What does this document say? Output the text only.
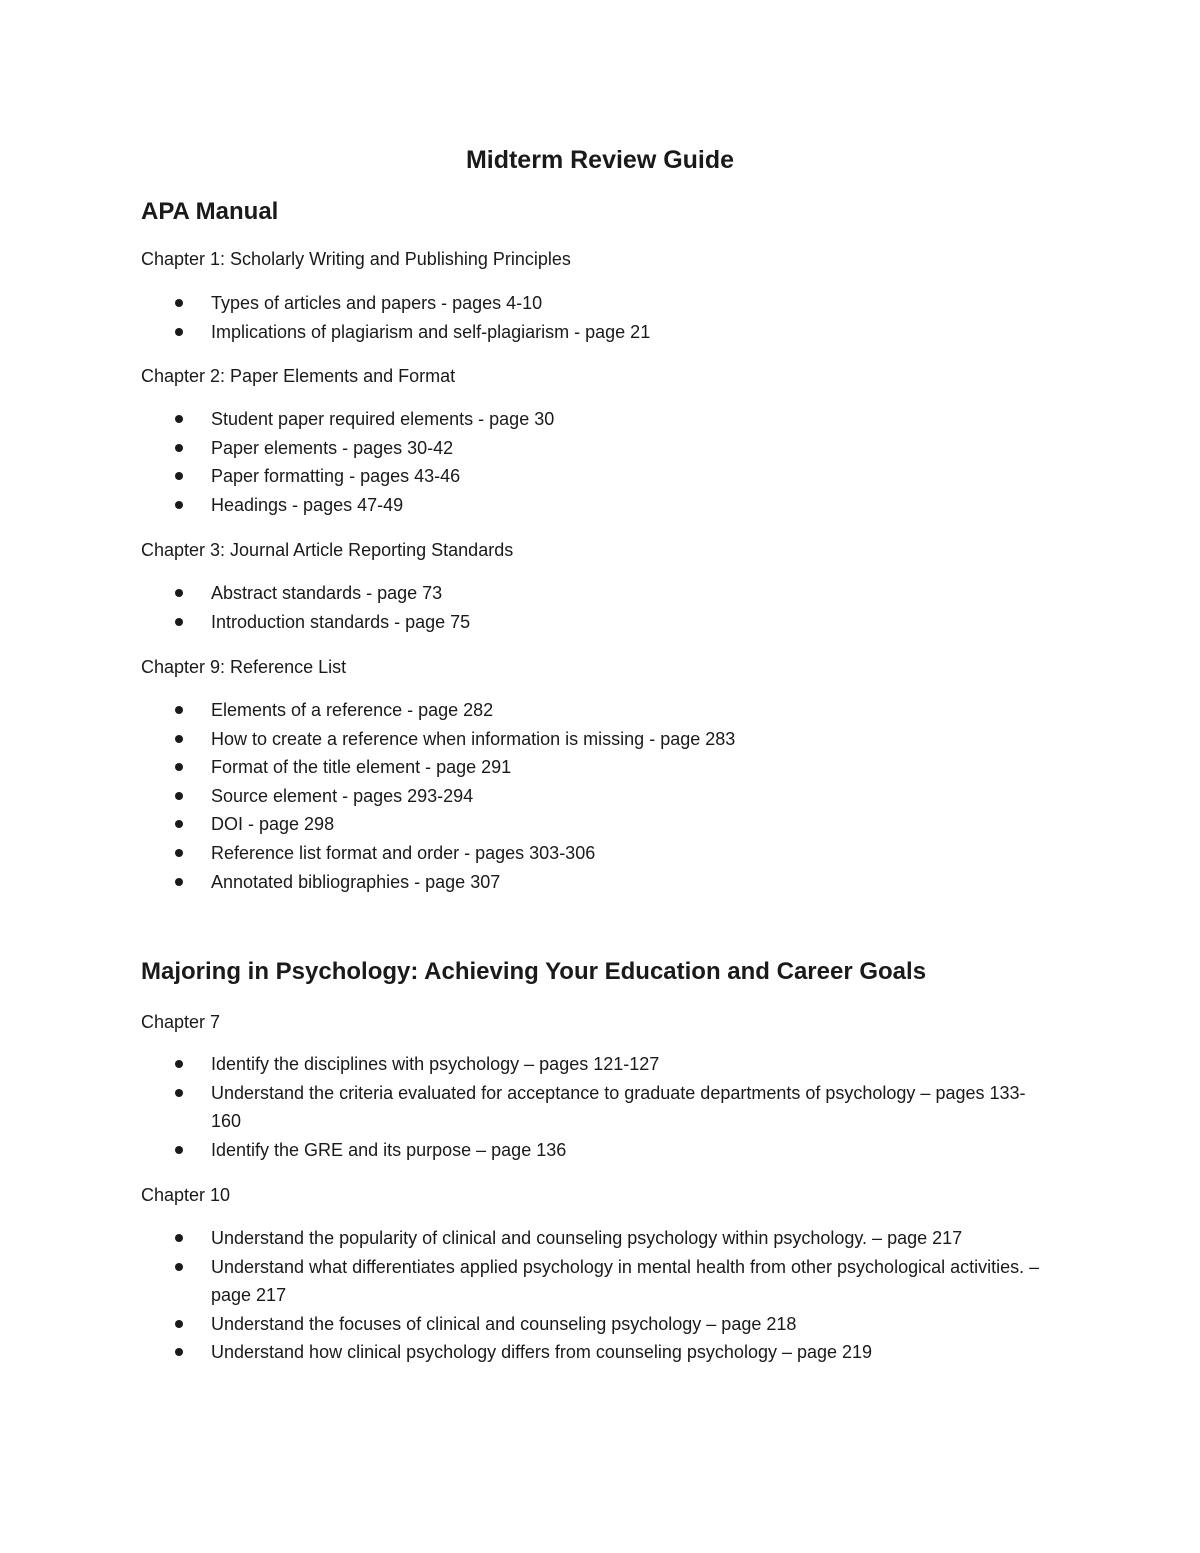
Midterm Review Guide
APA Manual
Chapter 1: Scholarly Writing and Publishing Principles
Types of articles and papers - pages 4-10
Implications of plagiarism and self-plagiarism - page 21
Chapter 2: Paper Elements and Format
Student paper required elements - page 30
Paper elements - pages 30-42
Paper formatting - pages 43-46
Headings - pages 47-49
Chapter 3: Journal Article Reporting Standards
Abstract standards - page 73
Introduction standards - page 75
Chapter 9: Reference List
Elements of a reference - page 282
How to create a reference when information is missing - page 283
Format of the title element - page 291
Source element - pages 293-294
DOI - page 298
Reference list format and order - pages 303-306
Annotated bibliographies - page 307
Majoring in Psychology: Achieving Your Education and Career Goals
Chapter 7
Identify the disciplines with psychology – pages 121-127
Understand the criteria evaluated for acceptance to graduate departments of psychology – pages 133-160
Identify the GRE and its purpose – page 136
Chapter 10
Understand the popularity of clinical and counseling psychology within psychology. – page 217
Understand what differentiates applied psychology in mental health from other psychological activities. – page 217
Understand the focuses of clinical and counseling psychology – page 218
Understand how clinical psychology differs from counseling psychology – page 219
